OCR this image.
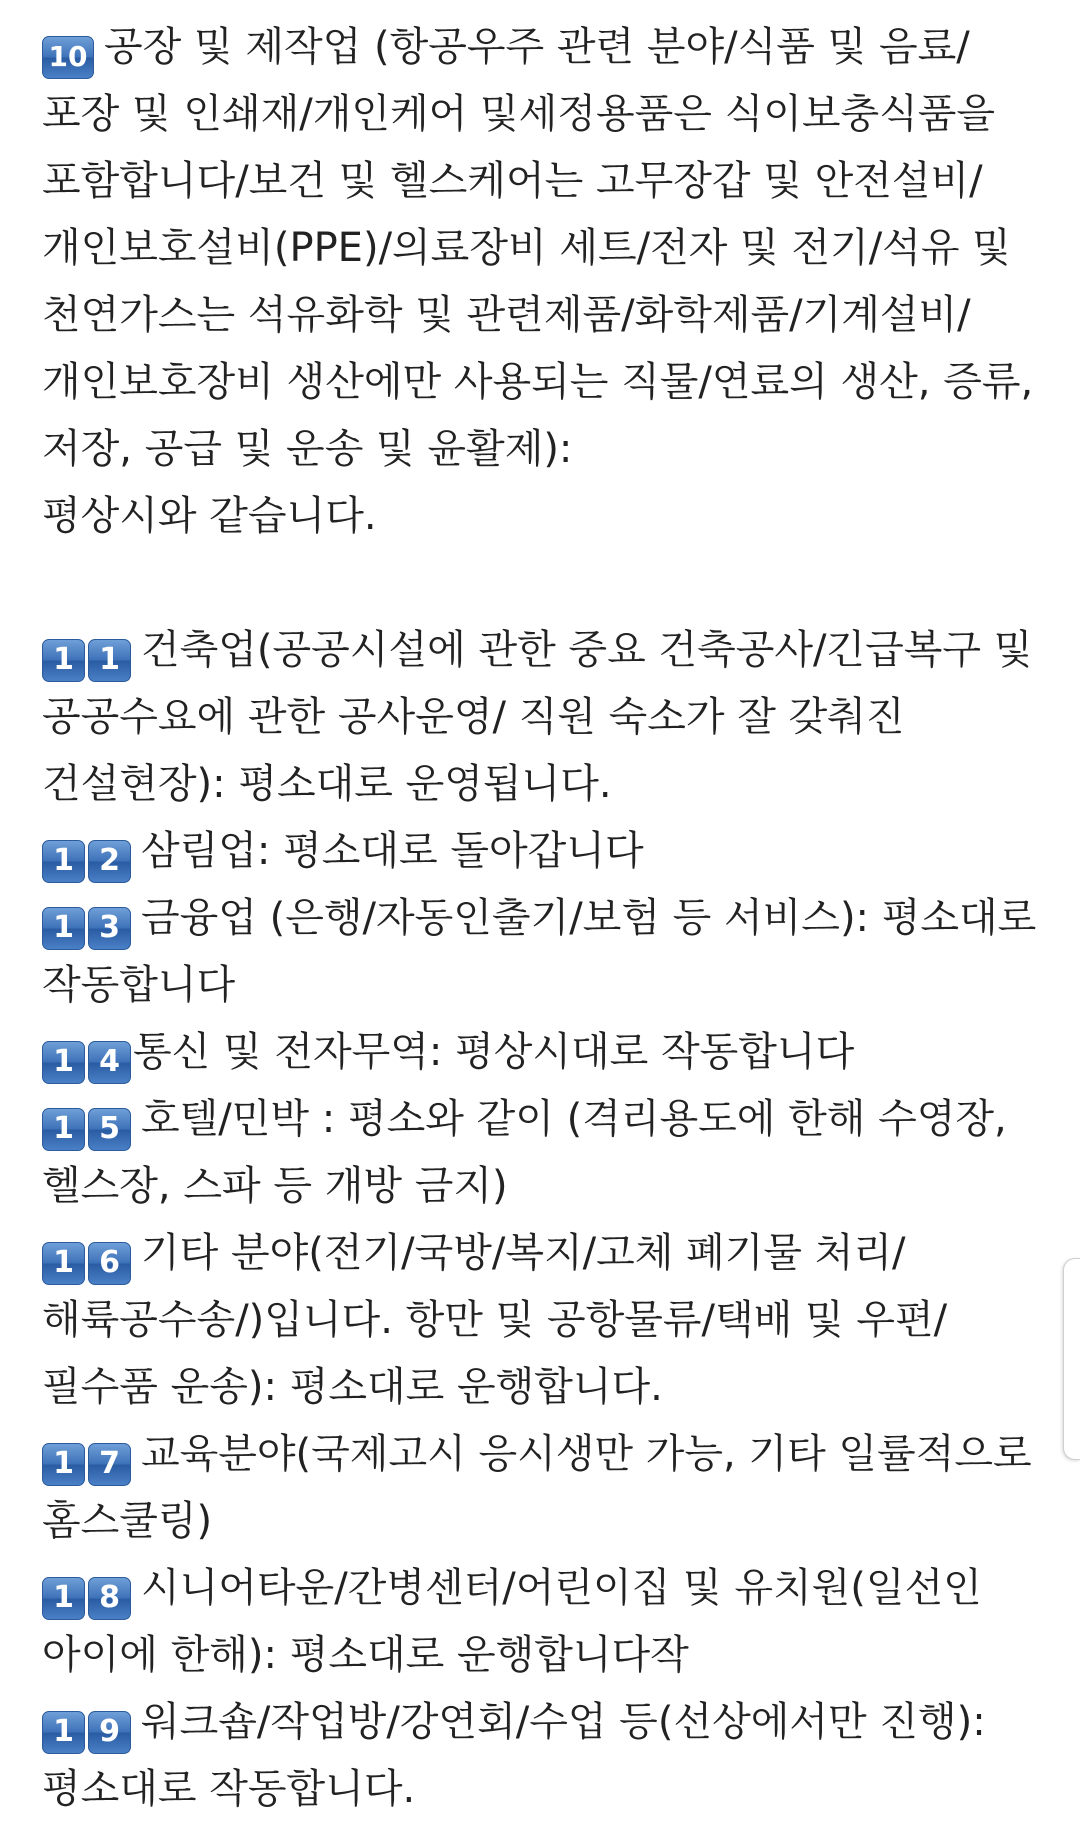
10 공장 및 제작업 (항공우주 관련 분야/식품 및 음료/포장 및 인쇄재/개인케어 및세정용품은 식이보충식품을 포함합니다/보건 및 헬스케어는 고무장갑 및 안전설비/개인보호설비(PPE)/의료장비 세트/전자 및 전기/석유 및 천연가스는 석유화학 및 관련제품/화학제품/기계설비/개인보호장비 생산에만 사용되는 직물/연료의 생산, 증류, 저장, 공급 및 운송 및 윤활제):

평상시와 같습니다.

1 1 건축업(공공시설에 관한 중요 건축공사/긴급복구 및 공공수요에 관한 공사운영/ 직원 숙소가 잘 갖춰진 건설현장): 평소대로 운영됩니다.

1 2 삼림업: 평소대로 돌아갑니다

1 3 금융업 (은행/자동인출기/보험 등 서비스): 평소대로 작동합니다

1 4 통신 및 전자무역: 평상시대로 작동합니다

1 5 호텔/민박 : 평소와 같이 (격리용도에 한해 수영장, 헬스장, 스파 등 개방 금지)

1 6 기타 분야(전기/국방/복지/고체 폐기물 처리/해륙공수송/)입니다. 항만 및 공항물류/택배 및 우편/필수품 운송): 평소대로 운행합니다.

1 7 교육분야(국제고시 응시생만 가능, 기타 일률적으로 홈스쿨링)

1 8 시니어타운/간병센터/어린이집 및 유치원(일선인 아이에 한해): 평소대로 운행합니다작

1 9 워크숍/작업방/강연회/수업 등(선상에서만 진행): 평소대로 작동합니다.
